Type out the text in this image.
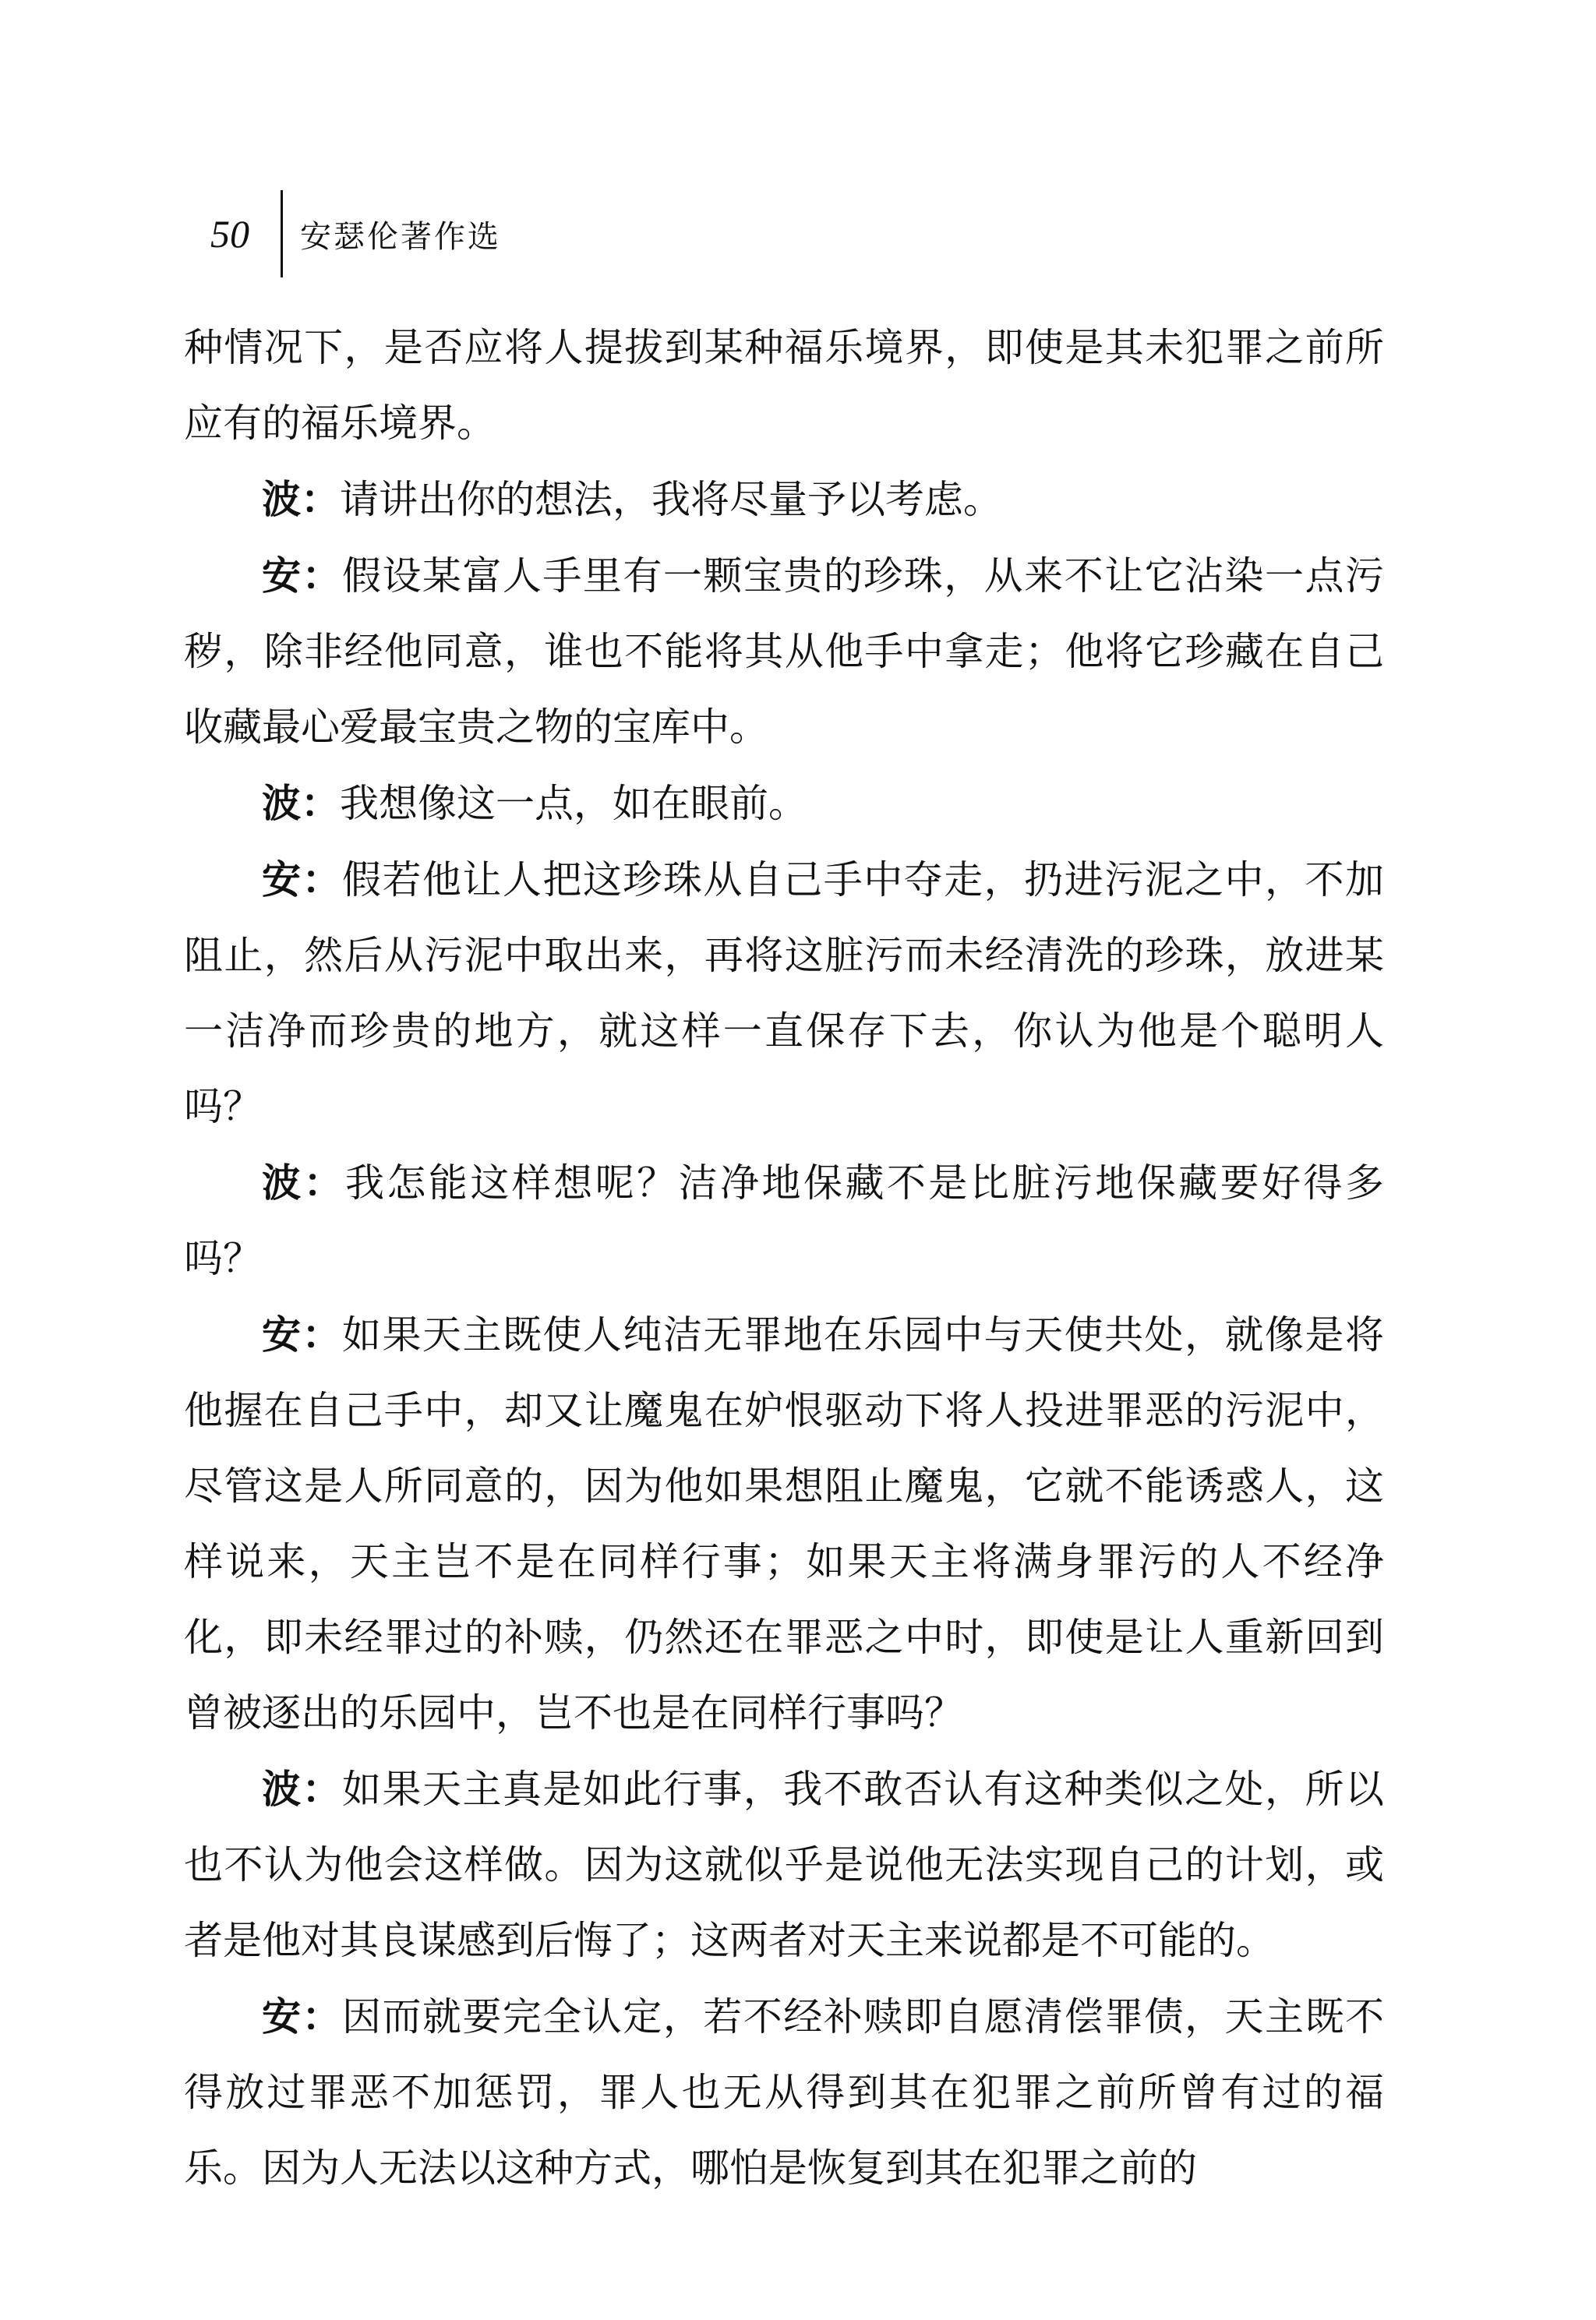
50	安瑟伦著作选

种情况下，是否应将人提拔到某种福乐境界，即使是其未犯罪之前所应有的福乐境界。

波：请讲出你的想法，我将尽量予以考虑。

安：假设某富人手里有一颗宝贵的珍珠，从来不让它沾染一点污秽，除非经他同意，谁也不能将其从他手中拿走；他将它珍藏在自己收藏最心爱最宝贵之物的宝库中。

波：我想像这一点，如在眼前。

安：假若他让人把这珍珠从自己手中夺走，扔进污泥之中，不加阻止，然后从污泥中取出来，再将这脏污而未经清洗的珍珠，放进某一洁净而珍贵的地方，就这样一直保存下去，你认为他是个聪明人吗？

波：我怎能这样想呢？洁净地保藏不是比脏污地保藏要好得多吗？

安：如果天主既使人纯洁无罪地在乐园中与天使共处，就像是将他握在自己手中，却又让魔鬼在妒恨驱动下将人投进罪恶的污泥中，尽管这是人所同意的，因为他如果想阻止魔鬼，它就不能诱惑人，这样说来，天主岂不是在同样行事；如果天主将满身罪污的人不经净化，即未经罪过的补赎，仍然还在罪恶之中时，即使是让人重新回到曾被逐出的乐园中，岂不也是在同样行事吗？

波：如果天主真是如此行事，我不敢否认有这种类似之处，所以也不认为他会这样做。因为这就似乎是说他无法实现自己的计划，或者是他对其良谋感到后悔了；这两者对天主来说都是不可能的。

安：因而就要完全认定，若不经补赎即自愿清偿罪债，天主既不得放过罪恶不加惩罚，罪人也无从得到其在犯罪之前所曾有过的福乐。因为人无法以这种方式，哪怕是恢复到其在犯罪之前的
